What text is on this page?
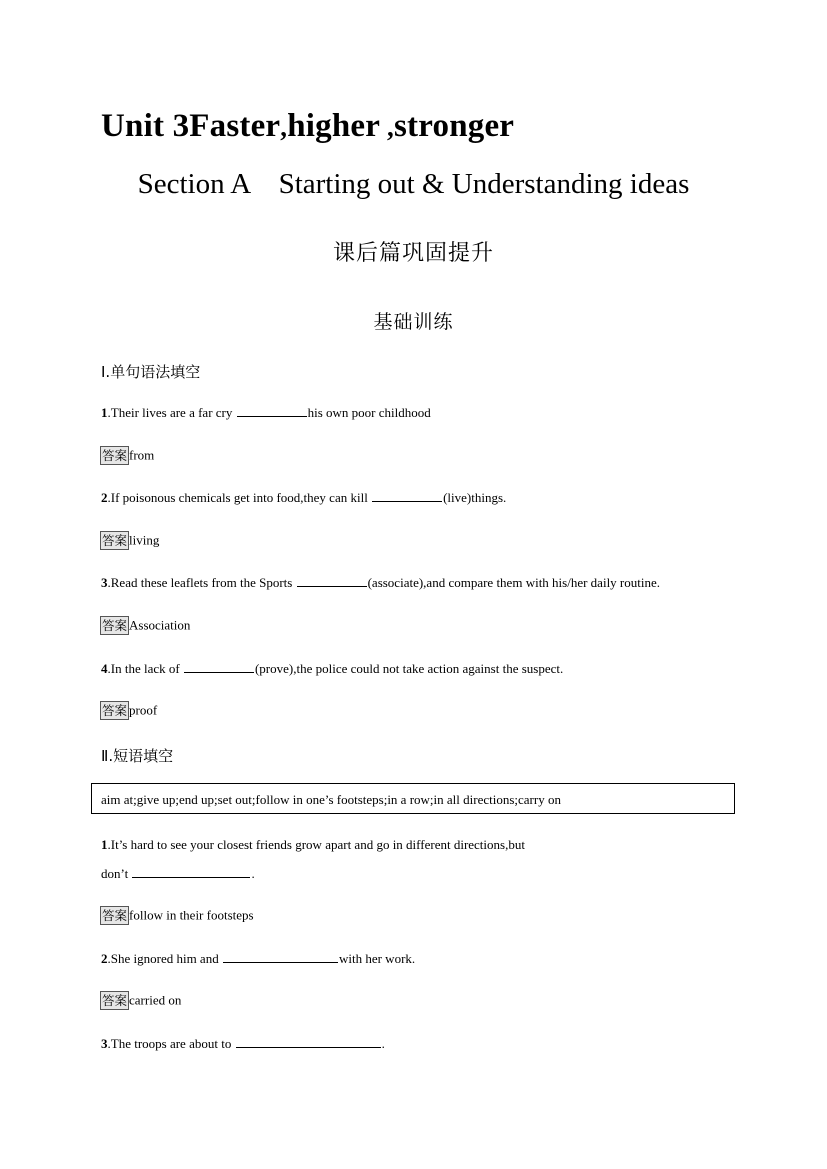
Unit 3Faster,higher ,stronger
Section A    Starting out & Understanding ideas
课后篇巩固提升
基础训练
Ⅰ.单句语法填空
1.Their lives are a far cry	his own poor childhood
答案 from
2.If poisonous chemicals get into food,they can kill	(live)things.
答案 living
3.Read these leaflets from the Sports	(associate),and compare them with his/her daily routine.
答案 Association
4.In the lack of	(prove),the police could not take action against the suspect.
答案 proof
Ⅱ.短语填空
aim at;give up;end up;set out;follow in one’s footsteps;in a row;in all directions;carry on
1.It’s hard to see your closest friends grow apart and go in different directions,but
don’t	.
答案 follow in their footsteps
2.She ignored him and	with her work.
答案 carried on
3.The troops are about to	.
